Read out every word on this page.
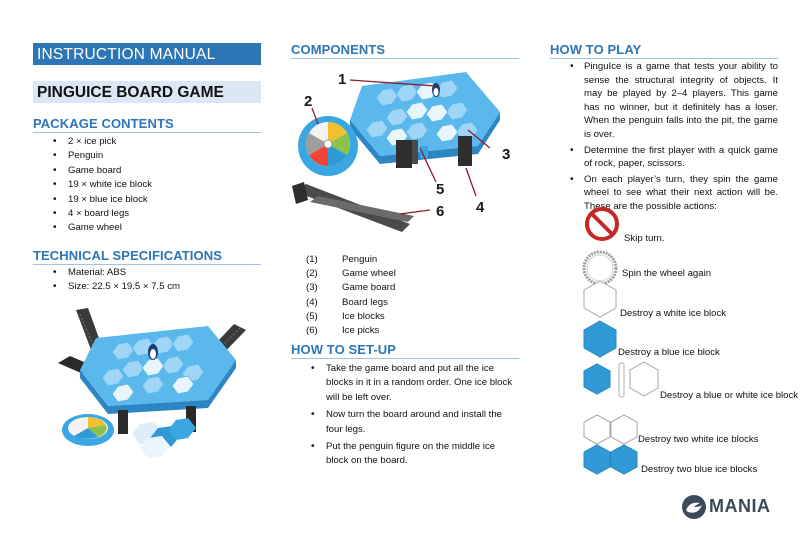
INSTRUCTION MANUAL
PINGUICE BOARD GAME
PACKAGE CONTENTS
• 2 × ice pick
• Penguin
• Game board
• 19 × white ice block
• 19 × blue ice block
• 4 × board legs
• Game wheel
TECHNICAL SPECIFICATIONS
• Material: ABS
• Size: 22.5 × 19.5 × 7.5 cm
COMPONENTS
1
2
3
4
5
6
(1)	Penguin
(2)	Game wheel
(3)	Game board
(4)	Board legs
(5)	Ice blocks
(6)	Ice picks
HOW TO SET-UP
• Take the game board and put all the ice blocks in it in a random order. One ice block will be left over.
• Now turn the board around and install the four legs.
• Put the penguin figure on the middle ice block on the board.
HOW TO PLAY
• PinguIce is a game that tests your ability to sense the structural integrity of objects. It may be played by 2–4 players. This game has no winner, but it definitely has a loser. When the penguin falls into the pit, the game is over.
• Determine the first player with a quick game of rock, paper, scissors.
• On each player’s turn, they spin the game wheel to see what their next action will be. These are the possible actions:
Skip turn.
Spin the wheel again
Destroy a white ice block
Destroy a blue ice block
Destroy a blue or white ice block
Destroy two white ice blocks
Destroy two blue ice blocks
MANIA
